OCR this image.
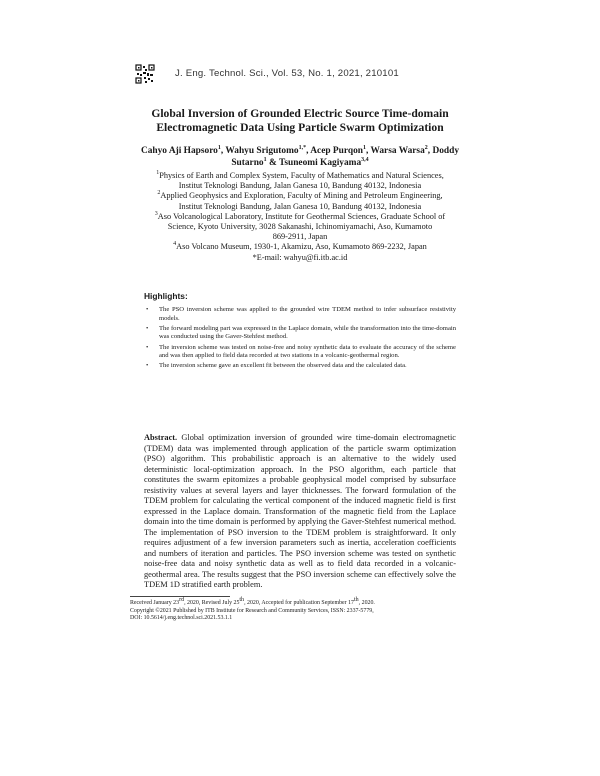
J. Eng. Technol. Sci., Vol. 53, No. 1, 2021, 210101
Global Inversion of Grounded Electric Source Time-domain
Electromagnetic Data Using Particle Swarm Optimization
Cahyo Aji Hapsoro$^1$, Wahyu Srigutomo$^{1,*}$, Acep Purqon$^1$, Warsa Warsa$^2$, Doddy Sutarno$^1$ & Tsuneomi Kagiyama$^{3,4}$
$^1$Physics of Earth and Complex System, Faculty of Mathematics and Natural Sciences,
Institut Teknologi Bandung, Jalan Ganesa 10, Bandung 40132, Indonesia
$^2$Applied Geophysics and Exploration, Faculty of Mining and Petroleum Engineering,
Institut Teknologi Bandung, Jalan Ganesa 10, Bandung 40132, Indonesia
$^3$Aso Volcanological Laboratory, Institute for Geothermal Sciences, Graduate School of
Science, Kyoto University, 3028 Sakanashi, Ichinomiyamachi, Aso, Kumamoto
869-2911, Japan
$^4$Aso Volcano Museum, 1930-1, Akamizu, Aso, Kumamoto 869-2232, Japan
*E-mail: wahyu@fi.itb.ac.id
Highlights:
• The PSO inversion scheme was applied to the grounded wire TDEM method to infer subsurface resistivity models.
• The forward modeling part was expressed in the Laplace domain, while the transformation into the time-domain was conducted using the Gaver-Stehfest method.
• The inversion scheme was tested on noise-free and noisy synthetic data to evaluate the accuracy of the scheme and was then applied to field data recorded at two stations in a volcanic-geothermal region.
• The inversion scheme gave an excellent fit between the observed data and the calculated data.
Abstract. Global optimization inversion of grounded wire time-domain electromagnetic (TDEM) data was implemented through application of the particle swarm optimization (PSO) algorithm. This probabilistic approach is an alternative to the widely used deterministic local-optimization approach. In the PSO algorithm, each particle that constitutes the swarm epitomizes a probable geophysical model comprised by subsurface resistivity values at several layers and layer thicknesses. The forward formulation of the TDEM problem for calculating the vertical component of the induced magnetic field is first expressed in the Laplace domain. Transformation of the magnetic field from the Laplace domain into the time domain is performed by applying the Gaver-Stehfest numerical method. The implementation of PSO inversion to the TDEM problem is straightforward. It only requires adjustment of a few inversion parameters such as inertia, acceleration coefficients and numbers of iteration and particles. The PSO inversion scheme was tested on synthetic noise-free data and noisy synthetic data as well as to field data recorded in a volcanic-geothermal area. The results suggest that the PSO inversion scheme can effectively solve the TDEM 1D stratified earth problem.
Received January 23rd, 2020, Revised July 25th, 2020, Accepted for publication September 17th, 2020.
Copyright ©2021 Published by ITB Institute for Research and Community Services, ISSN: 2337-5779,
DOI: 10.5614/j.eng.technol.sci.2021.53.1.1
